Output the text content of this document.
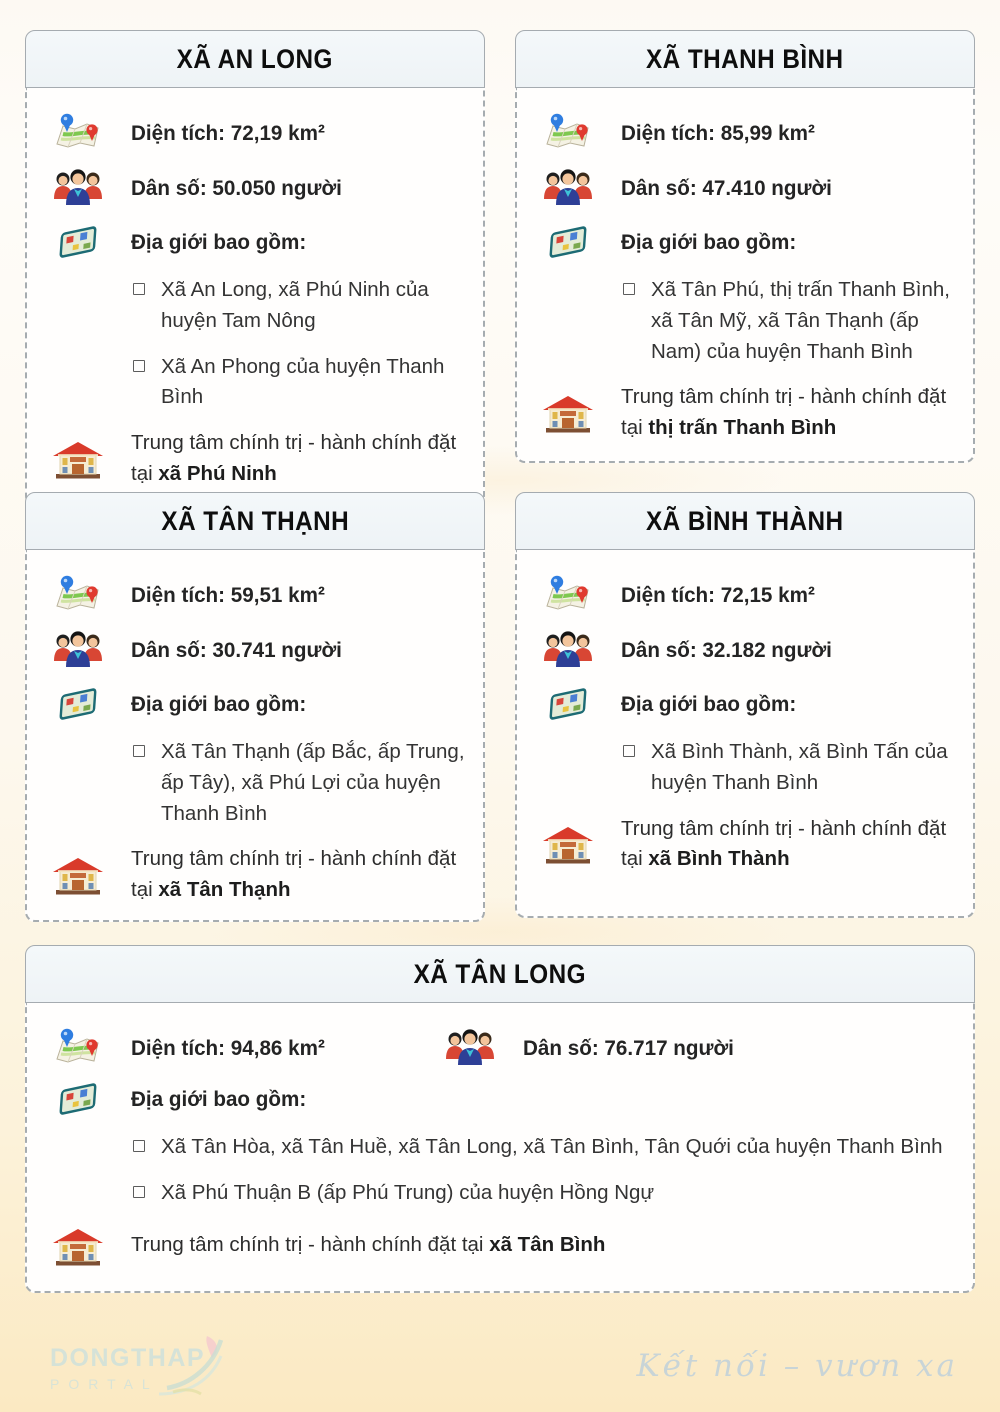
XÃ AN LONG
Diện tích: 72,19 km²
Dân số: 50.050 người
Địa giới bao gồm:
Xã An Long, xã Phú Ninh của huyện Tam Nông
Xã An Phong của huyện Thanh Bình
Trung tâm chính trị - hành chính đặt tại xã Phú Ninh
XÃ THANH BÌNH
Diện tích: 85,99 km²
Dân số: 47.410 người
Địa giới bao gồm:
Xã Tân Phú, thị trấn Thanh Bình, xã Tân Mỹ, xã Tân Thạnh (ấp Nam) của huyện Thanh Bình
Trung tâm chính trị - hành chính đặt tại thị trấn Thanh Bình
XÃ TÂN THẠNH
Diện tích: 59,51 km²
Dân số: 30.741 người
Địa giới bao gồm:
Xã Tân Thạnh (ấp Bắc, ấp Trung, ấp Tây), xã Phú Lợi của huyện Thanh Bình
Trung tâm chính trị - hành chính đặt tại xã Tân Thạnh
XÃ BÌNH THÀNH
Diện tích: 72,15 km²
Dân số: 32.182 người
Địa giới bao gồm:
Xã Bình Thành, xã Bình Tấn của huyện Thanh Bình
Trung tâm chính trị - hành chính đặt tại xã Bình Thành
XÃ TÂN LONG
Diện tích: 94,86 km²	Dân số: 76.717 người
Địa giới bao gồm:
Xã Tân Hòa, xã Tân Huề, xã Tân Long, xã Tân Bình, Tân Quới của huyện Thanh Bình
Xã Phú Thuận B (ấp Phú Trung) của huyện Hồng Ngự
Trung tâm chính trị - hành chính đặt tại xã Tân Bình
DONGTHAP
PORTAL	Kết nối – vươn xa
